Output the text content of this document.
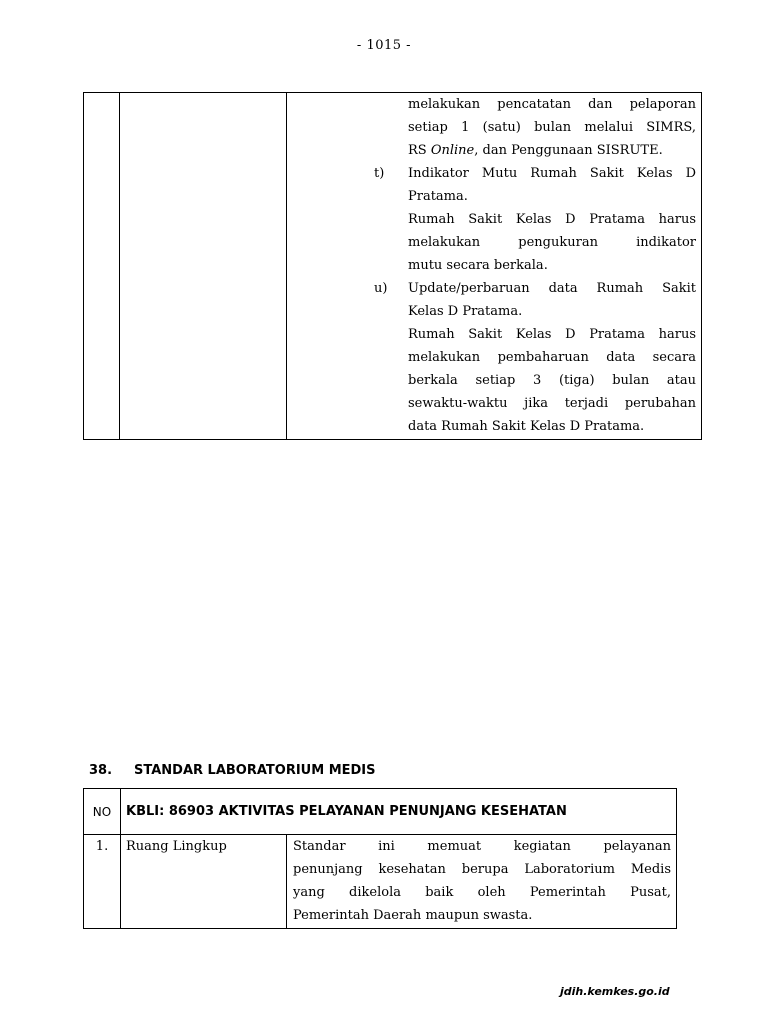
- 1015 -
melakukan pencatatan dan pelaporan
setiap 1 (satu) bulan melalui SIMRS,
RS Online, dan Penggunaan SISRUTE.
t)	Indikator Mutu Rumah Sakit Kelas D
Pratama.
Rumah Sakit Kelas D Pratama harus
melakukan pengukuran indikator
mutu secara berkala.
u)	Update/perbaruan data Rumah Sakit
Kelas D Pratama.
Rumah Sakit Kelas D Pratama harus
melakukan pembaharuan data secara
berkala setiap 3 (tiga) bulan atau
sewaktu-waktu jika terjadi perubahan
data Rumah Sakit Kelas D Pratama.
38.	STANDAR LABORATORIUM MEDIS
NO	KBLI: 86903 AKTIVITAS PELAYANAN PENUNJANG KESEHATAN
1.	Ruang Lingkup	Standar ini memuat kegiatan pelayanan
penunjang kesehatan berupa Laboratorium Medis
yang dikelola baik oleh Pemerintah Pusat,
Pemerintah Daerah maupun swasta.
jdih.kemkes.go.id
